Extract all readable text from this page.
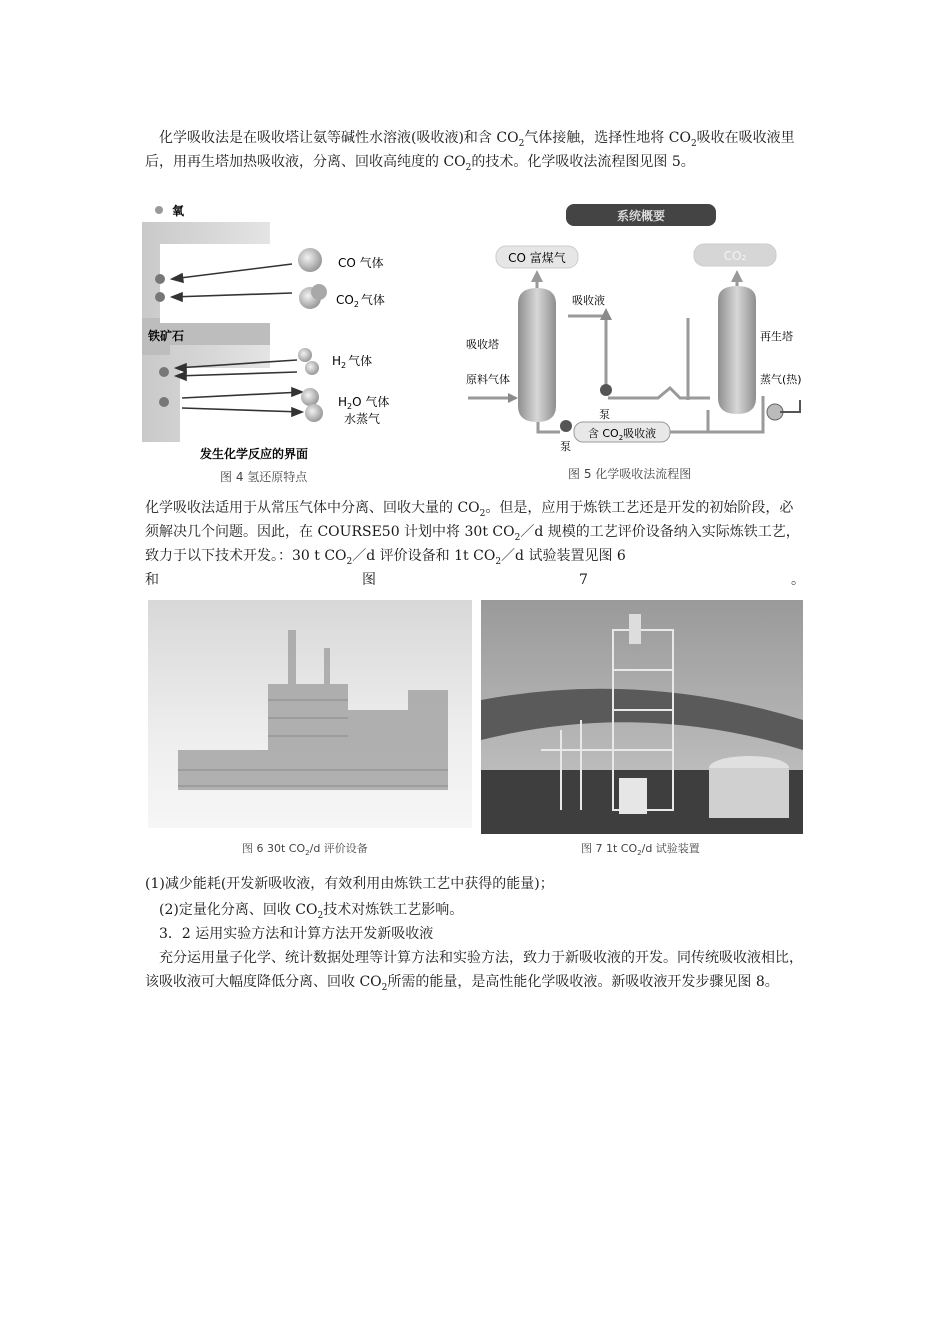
化学吸收法是在吸收塔让氨等碱性水溶液(吸收液)和含 $CO_2$气体接触，选择性地将 $CO_2$吸收在吸收液里后，用再生塔加热吸收液，分离、回收高纯度的 $CO_2$的技术。化学吸收法流程图见图 5。

氧
铁矿石
CO 气体
$CO_2$ 气体
$H_2$ 气体
$H_2O$ 气体
水蒸气
发生化学反应的界面
图 4 氢还原特点
系统概要
CO 富煤气	CO₂
吸收液
吸收塔
原料气体
泵
泵
含 $CO_2$吸收液
再生塔
蒸气(热)
图 5 化学吸收法流程图
化学吸收法适用于从常压气体中分离、回收大量的 $CO_2$。但是，应用于炼铁工艺还是开发的初始阶段，必须解决几个问题。因此，在 COURSE50 计划中将 30t $CO_2/d$ 规模的工艺评价设备纳入实际炼铁工艺，致力于以下技术开发。：30 t $CO_2/d$ 评价设备和 1t $CO_2/d$ 试验装置见图 6
和	图	7	。
图 6 30t $CO_2/d$ 评价设备	图 7 1t $CO_2/d$ 试验装置

(1)减少能耗(开发新吸收液，有效利用由炼铁工艺中获得的能量)；

(2)定量化分离、回收 $CO_2$技术对炼铁工艺影响。

3．2 运用实验方法和计算方法开发新吸收液

充分运用量子化学、统计数据处理等计算方法和实验方法，致力于新吸收液的开发。同传统吸收液相比，该吸收液可大幅度降低分离、回收 $CO_2$所需的能量，是高性能化学吸收液。新吸收液开发步骤见图 8。
